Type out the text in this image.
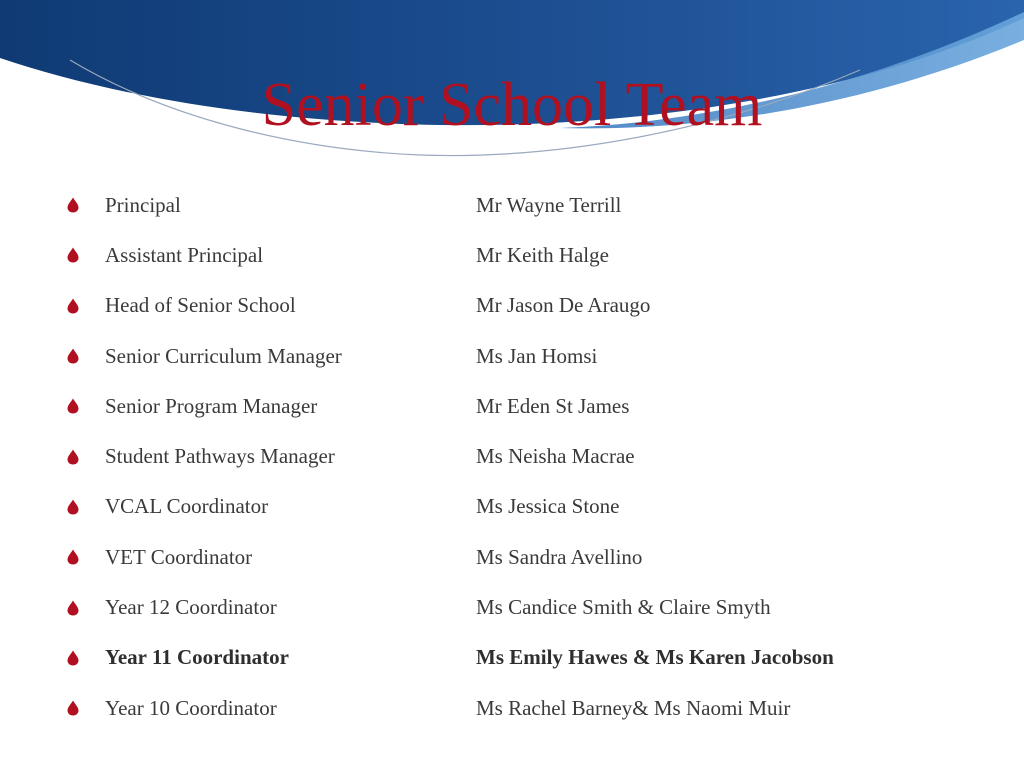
Senior School Team
Principal	Mr Wayne Terrill
Assistant Principal	Mr Keith Halge
Head of Senior School	Mr Jason De Araugo
Senior Curriculum Manager	Ms Jan Homsi
Senior Program Manager	Mr Eden St James
Student Pathways Manager	Ms Neisha Macrae
VCAL Coordinator	Ms Jessica Stone
VET Coordinator	Ms Sandra Avellino
Year 12 Coordinator	Ms Candice Smith & Claire Smyth
Year 11 Coordinator	Ms Emily Hawes & Ms Karen Jacobson
Year 10 Coordinator	Ms Rachel Barney& Ms Naomi Muir
